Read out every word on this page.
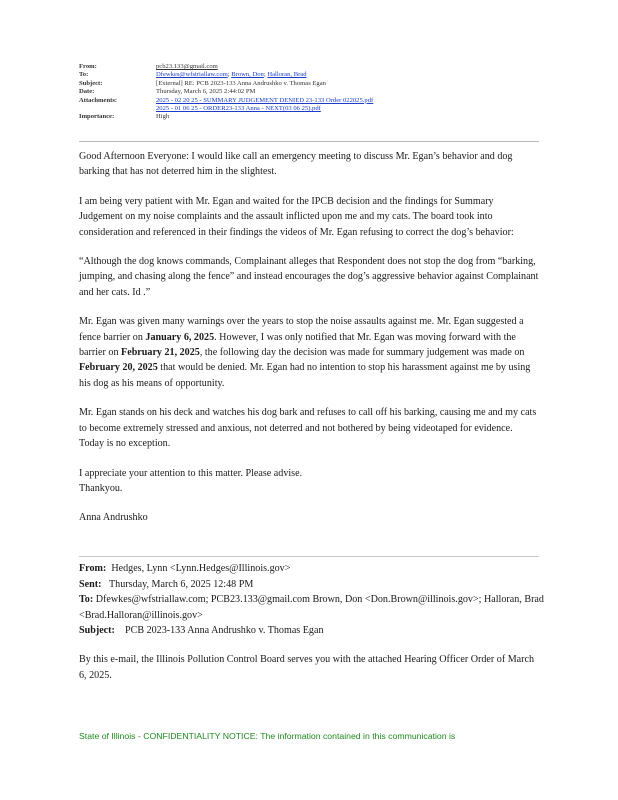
From:	pcb23.133@gmail.com
To:	Dfewkes@wfstriallaw.com; Brown, Don; Halloran, Brad
Subject:	[External] RE: PCB 2023-133 Anna Andrushko v. Thomas Egan
Date:	Thursday, March 6, 2025 2:44:02 PM
Attachments:	2025 - 02 20 25 - SUMMARY JUDGEMENT DENIED 23-133 Order 022025.pdf
2025 - 01 06 25 - ORDER23-133 Anna - NEXT(03 06 25).pdf
Importance:	High

Good Afternoon Everyone: I would like call an emergency meeting to discuss Mr. Egan’s behavior and dog barking that has not deterred him in the slightest.

I am being very patient with Mr. Egan and waited for the IPCB decision and the findings for Summary Judgement on my noise complaints and the assault inflicted upon me and my cats. The board took into consideration and referenced in their findings the videos of Mr. Egan refusing to correct the dog’s behavior:

“Although the dog knows commands, Complainant alleges that Respondent does not stop the dog from “barking, jumping, and chasing along the fence” and instead encourages the dog’s aggressive behavior against Complainant and her cats. Id .”

Mr. Egan was given many warnings over the years to stop the noise assaults against me. Mr. Egan suggested a fence barrier on January 6, 2025. However, I was only notified that Mr. Egan was moving forward with the barrier on February 21, 2025, the following day the decision was made for summary judgement was made on February 20, 2025 that would be denied. Mr. Egan had no intention to stop his harassment against me by using his dog as his means of opportunity.

Mr. Egan stands on his deck and watches his dog bark and refuses to call off his barking, causing me and my cats to become extremely stressed and anxious, not deterred and not bothered by being videotaped for evidence. Today is no exception.

I appreciate your attention to this matter. Please advise.
Thankyou.

Anna Andrushko

From: Hedges, Lynn <Lynn.Hedges@Illinois.gov>
Sent: Thursday, March 6, 2025 12:48 PM
To: Dfewkes@wfstriallaw.com; PCB23.133@gmail.com Brown, Don <Don.Brown@illinois.gov>; Halloran, Brad <Brad.Halloran@illinois.gov>
Subject: PCB 2023-133 Anna Andrushko v. Thomas Egan
By this e-mail, the Illinois Pollution Control Board serves you with the attached Hearing Officer Order of March 6, 2025.
State of Illinois - CONFIDENTIALITY NOTICE: The information contained in this communication is
